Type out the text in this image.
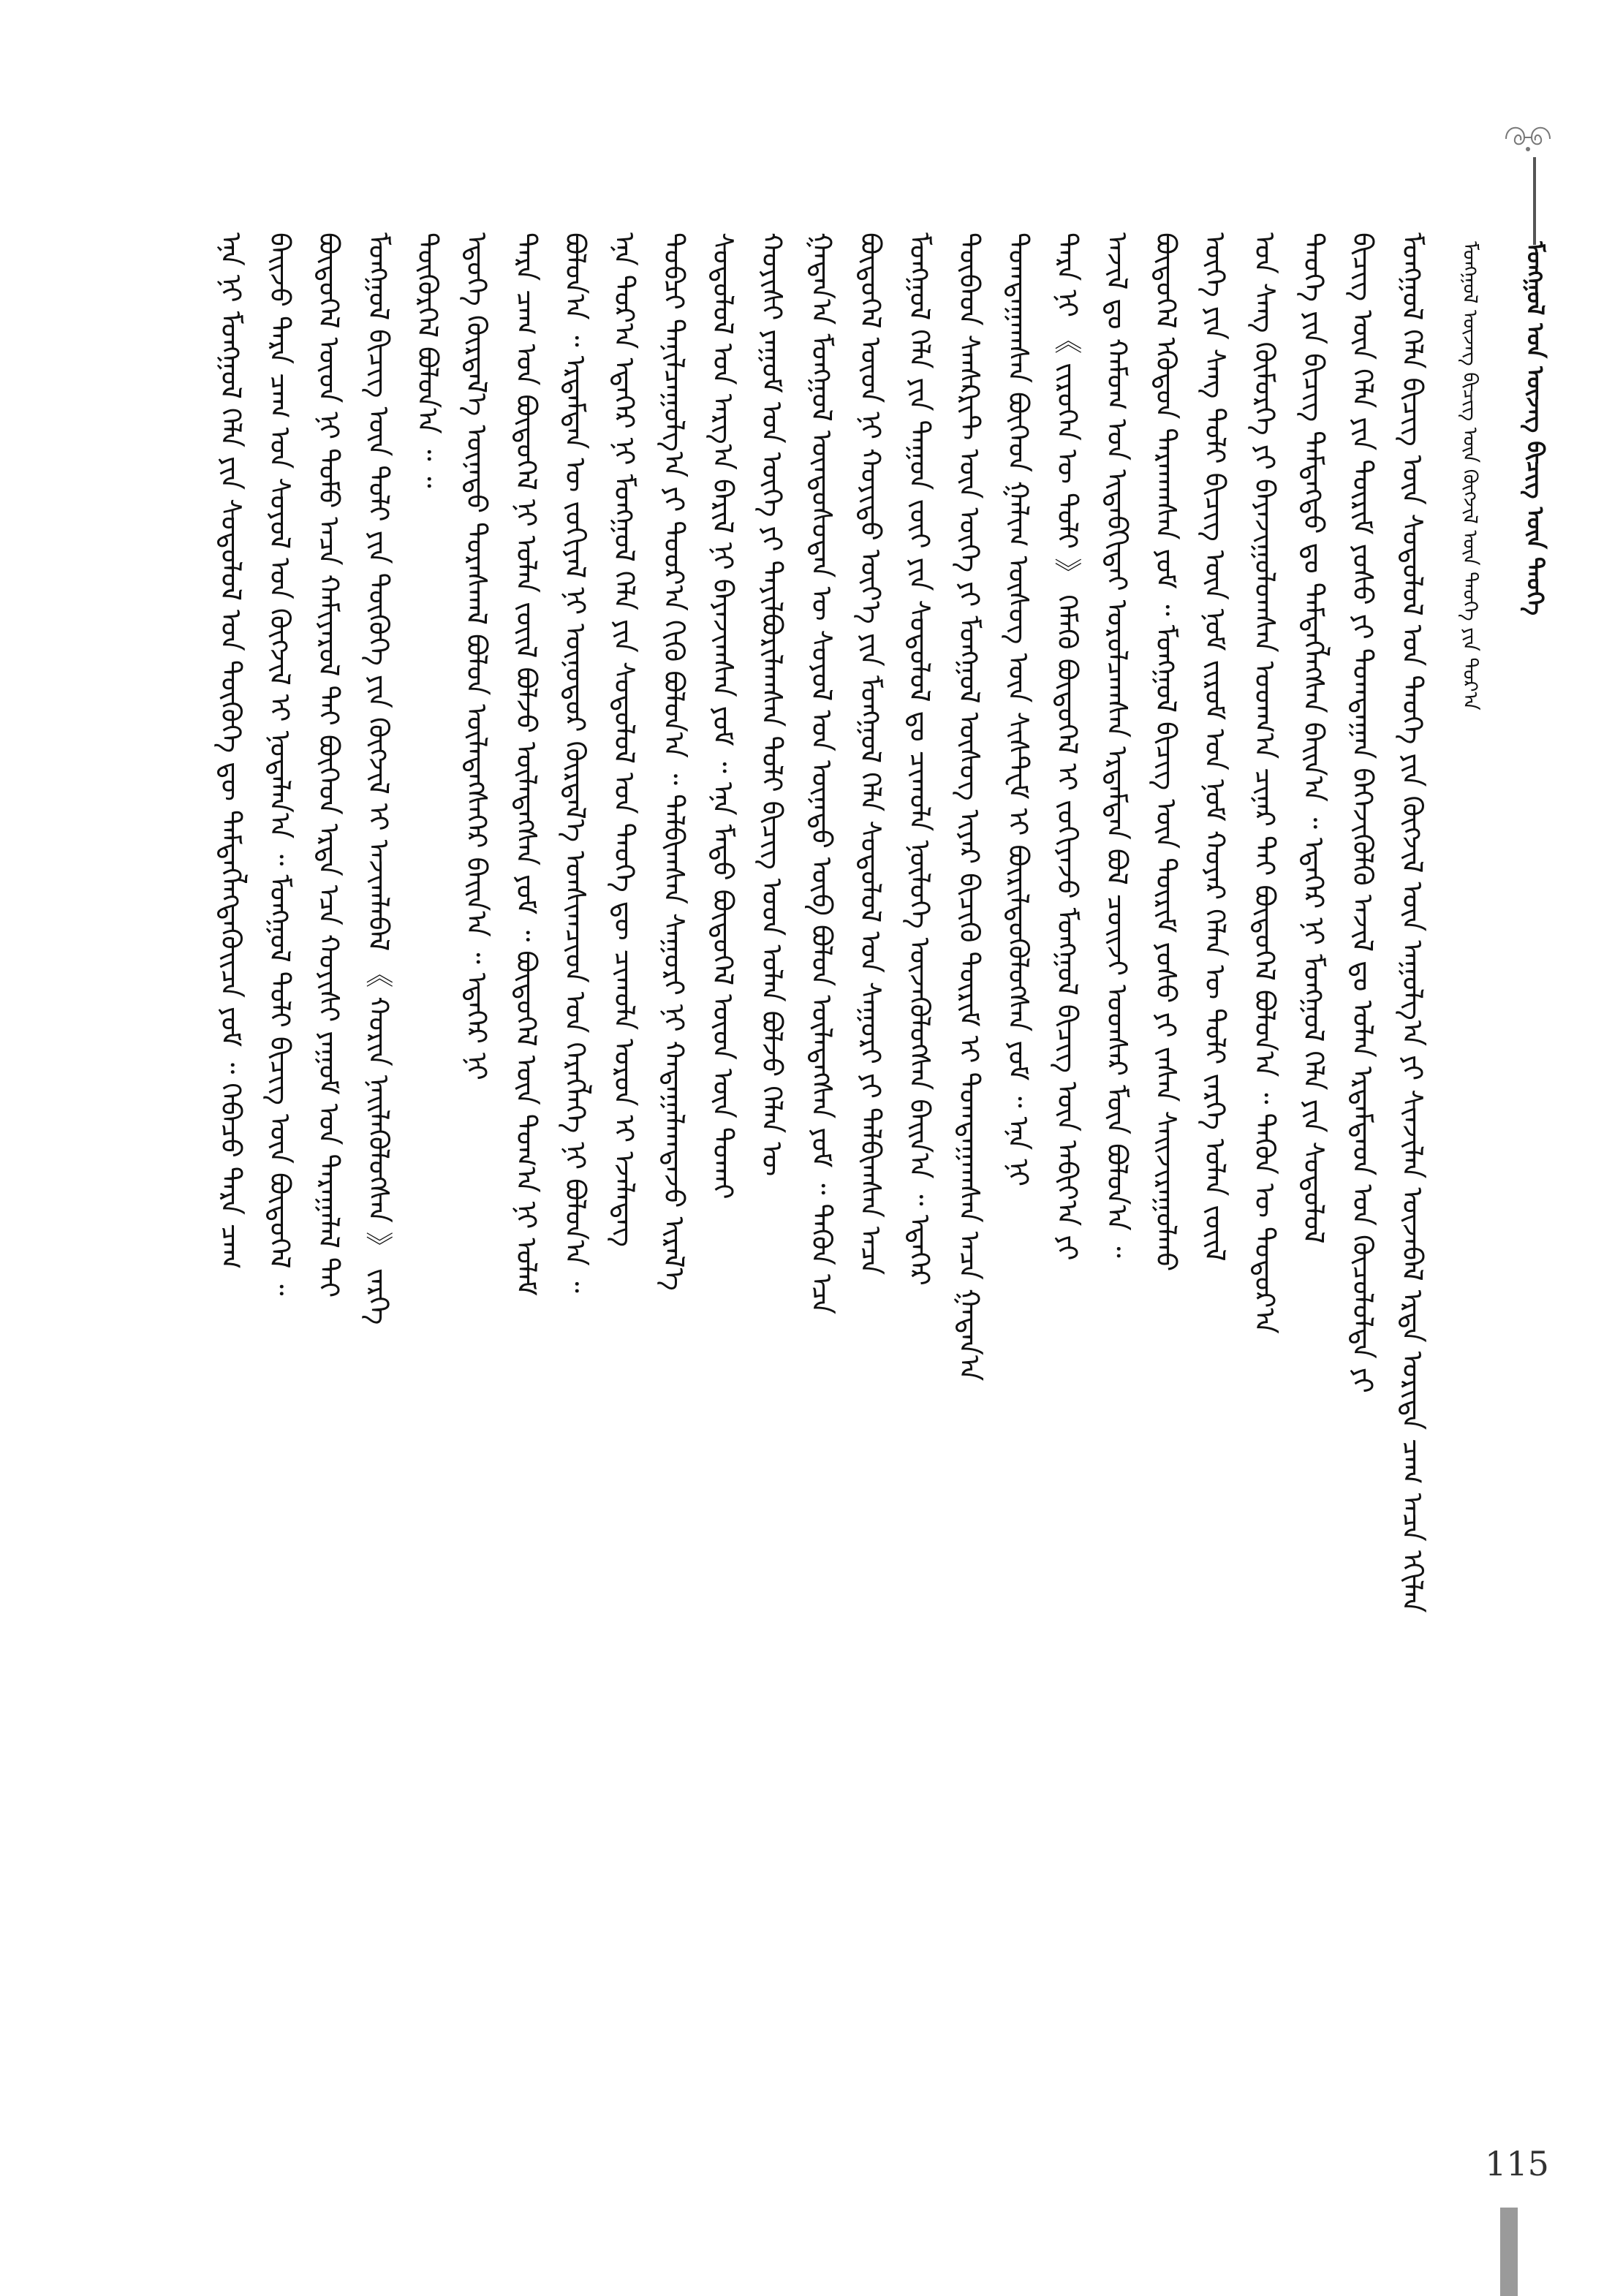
ᠮᠣᠩᠭᠣᠯ ᠤᠨ ᠦᠵᠡᠭ ᠪᠢᠴᠢᠭ ᠦᠨ ᠲᠡᠦᠬᠡ
ᠮᠣᠩᠭᠣᠯ ᠦᠵᠡᠭ ᠪᠢᠴᠢᠭ ᠦᠨ ᠬᠥᠭᠵᠢᠯ ᠦᠨ ᠲᠡᠦᠬᠡ ᠶᠢᠨ ᠳᠤᠷ᠎ᠠ
ᠮᠣᠩᠭᠣᠯ ᠬᠡᠯᠡ ᠪᠢᠴᠢᠭ ᠦᠨ ᠰᠤᠳᠤᠯᠤᠯ ᠤᠨ ᠲᠡᠦᠬᠡ ᠶᠢᠨ ᠬᠥᠭᠵᠢᠯ ᠦᠨ ᠠᠭᠤᠯᠭ᠎ᠠ ᠶᠢ ᠰᠢᠨᠵᠢᠯᠡᠨ ᠦᠵᠡᠪᠡᠯ ᠡᠷᠲᠡ ᠤᠷᠢᠳᠠ ᠴᠠᠭ ᠠᠴᠠ ᠡᠬᠢᠯᠡᠨ
ᠪᠢᠴᠢᠭ ᠦᠨ ᠬᠡᠯᠡ ᠶᠢᠨ ᠳᠦᠷᠢᠮ ᠶᠣᠰᠤ ᠶᠢ ᠲᠣᠭᠲᠠᠭᠠᠨ ᠪᠡᠬᠡᠵᠢᠭᠦᠯᠬᠦ ᠠᠵᠢᠯ ᠳᠤ ᠣᠯᠠᠨ ᠡᠷᠳᠡᠮᠲᠡᠳ ᠤᠨ ᠬᠦᠴᠦᠯᠦᠯᠲᠡ ᠶᠢ
ᠲᠡᠦᠬᠡ ᠶᠢᠨ ᠪᠢᠴᠢᠭ ᠲᠡᠮᠳᠡᠭᠲᠦ ᠳᠤ ᠲᠡᠮᠳᠡᠭᠯᠡᠭᠰᠡᠨ ᠪᠠᠢᠨ᠎ᠠ ᠃ ᠡᠳᠡᠭᠡᠷ ᠨᠢ ᠮᠣᠩᠭᠣᠯ ᠬᠡᠯᠡ ᠶᠢᠨ ᠰᠤᠳᠤᠯᠤᠯ
ᠤᠨ ᠰᠠᠩ ᠬᠥᠮᠥᠷᠭᠡ ᠶᠢ ᠪᠠᠶᠠᠵᠢᠭᠤᠯᠤᠭᠰᠠᠨ ᠤᠳᠬ᠎ᠠ ᠴᠢᠨᠠᠷ ᠲᠠᠢ ᠪᠦᠲᠦᠭᠡᠯ ᠪᠣᠯᠤᠨ᠎ᠠ ᠃ ᠲᠡᠭᠦᠨ ᠦ ᠳᠣᠲᠣᠷ᠎ᠠ
ᠦᠭᠡ ᠶᠢᠨ ᠰᠠᠩ ᠲᠣᠯᠢ ᠪᠢᠴᠢᠭ ᠦᠨ ᠨᠣᠮ ᠵᠢᠷᠤᠮ ᠤᠨ ᠨᠣᠮ ᠬᠣᠶᠠᠷ ᠬᠡᠯᠡᠨ ᠦ ᠲᠣᠯᠢ ᠵᠡᠷᠭᠡ ᠣᠯᠠᠨ ᠵᠦᠢᠯ
ᠪᠦᠲᠦᠭᠡᠯ ᠡᠭᠦᠳᠦᠨ ᠲᠠᠷᠬᠠᠭᠰᠠᠨ ᠶᠤᠮ ᠃ ᠮᠣᠩᠭᠣᠯ ᠪᠢᠴᠢᠭ ᠦᠨ ᠳᠦᠷᠢᠮ ᠶᠣᠰᠤ ᠶᠢ ᠵᠠᠰᠠᠨ ᠰᠠᠢᠵᠢᠷᠠᠭᠤᠯᠬᠤ
ᠠᠵᠢᠯ ᠳᠤ ᠬᠠᠮᠤᠭ ᠤᠨ ᠢᠳᠡᠪᠬᠢᠲᠡᠢ ᠣᠷᠣᠯᠴᠠᠭᠰᠠᠨ ᠡᠷᠳᠡᠮᠲᠡᠨ ᠪᠣᠯ ᠴᠣᠢᠵᠢ ᠣᠳᠰᠡᠷ ᠮᠥᠨ ᠪᠣᠯᠣᠨ᠎ᠠ ᠃
ᠲᠡᠷᠡ ᠨᠢ 《 ᠵᠢᠷᠦᠬᠡᠨ ᠦ ᠲᠣᠯᠢ 》 ᠬᠡᠮᠡᠬᠦ ᠪᠦᠲᠦᠭᠡᠯ ᠢ ᠵᠣᠬᠢᠶᠠᠵᠤ ᠮᠣᠩᠭᠣᠯ ᠪᠢᠴᠢᠭ ᠦᠨ ᠠᠪᠢᠶ᠎ᠠ ᠶᠢ
ᠲᠣᠭᠲᠠᠭᠠᠭᠰᠠᠨ ᠪᠥᠭᠡᠳ ᠭᠠᠯᠢᠭ ᠦᠰᠦᠭ ᠦᠨ ᠰᠢᠰᠲ᠋ᠧᠮ ᠢ ᠪᠦᠷᠢᠯᠳᠦᠭᠦᠯᠦᠭᠰᠡᠨ ᠶᠤᠮ ᠃ ᠡᠨᠡ ᠨᠢ
ᠲᠥᠪᠡᠳ ᠰᠠᠨᠰᠺᠷᠢᠲ ᠦᠨ ᠦᠭᠡ ᠶᠢ ᠮᠣᠩᠭᠣᠯ ᠦᠰᠦᠭ ᠢᠶᠡᠷ ᠪᠢᠴᠢᠬᠦ ᠳᠦᠷᠢᠮ ᠢ ᠲᠣᠭᠲᠠᠭᠠᠭᠰᠠᠨ ᠠᠴᠠ ᠭᠠᠳᠠᠨ᠎ᠠ
ᠮᠣᠩᠭᠣᠯ ᠬᠡᠯᠡ ᠶᠢᠨ ᠳᠠᠭᠤᠨ ᠵᠦᠢ ᠶᠢᠨ ᠰᠤᠳᠤᠯᠤᠯ ᠳᠤ ᠴᠢᠬᠤᠯᠠ ᠨᠥᠯᠦᠭᠡ ᠦᠵᠡᠭᠦᠯᠦᠭᠰᠡᠨ ᠪᠠᠢᠨ᠎ᠠ ᠃ ᠡᠳᠡᠭᠡᠷ
ᠪᠦᠲᠦᠭᠡᠯ ᠦᠳ ᠨᠢ ᠬᠣᠶᠢᠲᠤ ᠦᠶ᠎ᠡ ᠶᠢᠨ ᠮᠣᠩᠭᠣᠯ ᠬᠡᠯᠡ ᠰᠤᠳᠤᠯᠤᠯ ᠤᠨ ᠰᠠᠭᠤᠷᠢ ᠶᠢ ᠲᠠᠯᠪᠢᠭᠰᠠᠨ ᠠᠴᠠ
ᠭᠠᠳᠠᠨ᠎ᠠ ᠮᠣᠩᠭᠣᠯ ᠦᠨᠳᠦᠰᠦᠲᠡᠨ ᠦ ᠰᠣᠶᠣᠯ ᠤᠨ ᠦᠨᠡᠲᠦ ᠥᠪ ᠪᠣᠯᠤᠨ ᠦᠯᠡᠳᠡᠭᠰᠡᠨ ᠶᠤᠮ ᠃ ᠲᠡᠭᠦᠨ ᠡᠴᠡ
ᠬᠣᠶᠢᠰᠢ ᠶᠠᠭᠤᠮ ᠤᠨ ᠦᠭᠡ ᠶᠢ ᠲᠠᠶᠢᠯᠪᠤᠷᠢᠯᠠᠭᠰᠠᠨ ᠲᠣᠯᠢ ᠪᠢᠴᠢᠭ ᠤᠳ ᠣᠯᠠᠨ ᠪᠣᠯᠵᠤ ᠬᠡᠯᠡᠨ ᠦ
ᠰᠤᠳᠤᠯᠤᠯ ᠤᠨ ᠠᠷᠭ᠎ᠠ ᠪᠠᠷᠢᠯ ᠨᠢ ᠪᠠᠶᠠᠵᠢᠭᠰᠠᠨ ᠶᠤᠮ ᠃ ᠡᠨᠡ ᠮᠡᠲᠦ ᠪᠦᠲᠦᠭᠡᠯ ᠦᠳ ᠦᠨ ᠲᠤᠬᠠᠢ
ᠲᠣᠪᠴᠢ ᠲᠠᠨᠢᠯᠴᠠᠭᠤᠯᠭ᠎ᠠ ᠶᠢ ᠳᠣᠣᠷ᠎ᠠ ᠬᠢᠬᠦ ᠪᠣᠯᠤᠨ᠎ᠠ ᠃ ᠲᠠᠯᠪᠢᠭᠰᠠᠨ ᠰᠠᠭᠤᠷᠢ ᠨᠢ ᠬᠠᠳᠠᠭᠠᠯᠠᠭᠳᠠᠵᠤ ᠢᠷᠡᠯ᠎ᠡ
ᠡᠨᠡ ᠳᠣᠷ᠎ᠠ ᠡᠳᠡᠭᠡᠷ ᠨᠢ ᠮᠣᠩᠭᠣᠯ ᠬᠡᠯᠡ ᠶᠢᠨ ᠰᠤᠳᠤᠯᠤᠯ ᠤᠨ ᠲᠡᠦᠬᠡ ᠳᠦ ᠴᠢᠬᠤᠯᠠ ᠣᠷᠣᠨ ᠢ ᠡᠵᠡᠯᠡᠳᠡᠭ
ᠪᠣᠯᠤᠨ᠎ᠠ ᠃ ᠡᠷᠳᠡᠮᠲᠡᠨ ᠦ ᠵᠣᠬᠢᠶᠠᠯ ᠨᠢ ᠥᠨᠥᠳᠥᠷ ᠬᠦᠷᠲᠡᠯ᠎ᠡ ᠤᠨᠱᠢᠭᠴᠢᠳ ᠤᠨ ᠬᠡᠷᠡᠭᠯᠡᠭᠡ ᠨᠢ ᠪᠣᠯᠤᠨ᠎ᠠ ᠃
ᠲᠡᠷᠡ ᠴᠠᠭ ᠤᠨ ᠪᠦᠲᠦᠭᠡᠯ ᠨᠢ ᠣᠯᠠᠨ ᠵᠦᠢᠯ ᠪᠣᠯᠵᠤ ᠦᠯᠡᠳᠡᠭᠰᠡᠨ ᠶᠤᠮ ᠃ ᠪᠦᠲᠦᠭᠡᠯ ᠦᠨ ᠲᠣᠭ᠎ᠠ ᠨᠢ ᠤᠯᠠᠮ
ᠡᠳᠦᠭᠡ ᠬᠦᠷᠲᠡᠯ᠎ᠡ ᠦᠨᠡᠲᠦ ᠳᠤᠷᠠᠰᠬᠠᠯ ᠪᠣᠯᠤᠨ ᠦᠯᠡᠳᠡᠭᠰᠡᠭᠡᠷ ᠪᠠᠢᠨ᠎ᠠ ᠃ ᠡᠳᠡᠭᠡᠷ ᠨᠢ
ᠳᠦᠭᠦᠷᠭᠡᠯ ᠪᠣᠯᠤᠨ᠎ᠠ ᠃ ᠃
ᠮᠣᠩᠭᠣᠯ ᠪᠢᠴᠢᠭ ᠦᠨ ᠲᠣᠯᠢ ᠶᠢᠨ ᠲᠦᠭᠦᠬᠡ ᠶᠢᠨ ᠬᠥᠭᠵᠢᠯ ᠢ ᠠᠵᠢᠭᠯᠠᠪᠠᠯ 《 ᠬᠣᠷᠢᠨ ᠨᠡᠢᠯᠡᠭᠦᠯᠦᠭᠰᠡᠨ 》 ᠵᠡᠷᠭᠡ
ᠪᠦᠲᠦᠭᠡᠯ ᠦᠳ ᠨᠢ ᠲᠣᠮᠣ ᠠᠴᠠ ᠬᠠᠮᠢᠶᠠᠷᠤᠯ ᠲᠠᠢ ᠪᠥᠭᠡᠳ ᠡᠷᠲᠡ ᠡᠴᠡ ᠬᠣᠶᠢᠰᠢ ᠶᠠᠭᠤᠮ ᠤᠨ ᠳᠠᠷᠠᠭᠠᠯᠠᠯ ᠲᠠᠢ
ᠪᠠᠢᠵᠤ ᠲᠡᠷᠡ ᠴᠠᠭ ᠤᠨ ᠰᠣᠶᠣᠯ ᠤᠨ ᠬᠥᠭᠵᠢᠯ ᠢ ᠨᠣᠲᠠᠯᠠᠨ᠎ᠠ ᠃ ᠮᠣᠩᠭᠣᠯ ᠲᠣᠯᠢ ᠪᠢᠴᠢᠭ ᠦᠨ ᠪᠦᠲᠦᠭᠡᠯ ᠃
ᠡᠨᠡ ᠨᠢ ᠮᠣᠩᠭᠣᠯ ᠬᠡᠯᠡ ᠶᠢᠨ ᠰᠤᠳᠤᠯᠤᠯ ᠤᠨ ᠲᠦᠭᠦᠬᠡ ᠳᠦ ᠲᠡᠮᠳᠡᠭᠯᠡᠭᠳᠡᠬᠦᠢᠴᠡ ᠶᠤᠮ ᠃ ᠭᠡᠪᠡᠴᠦ ᠲᠡᠷᠡ ᠴᠠᠭ
115
